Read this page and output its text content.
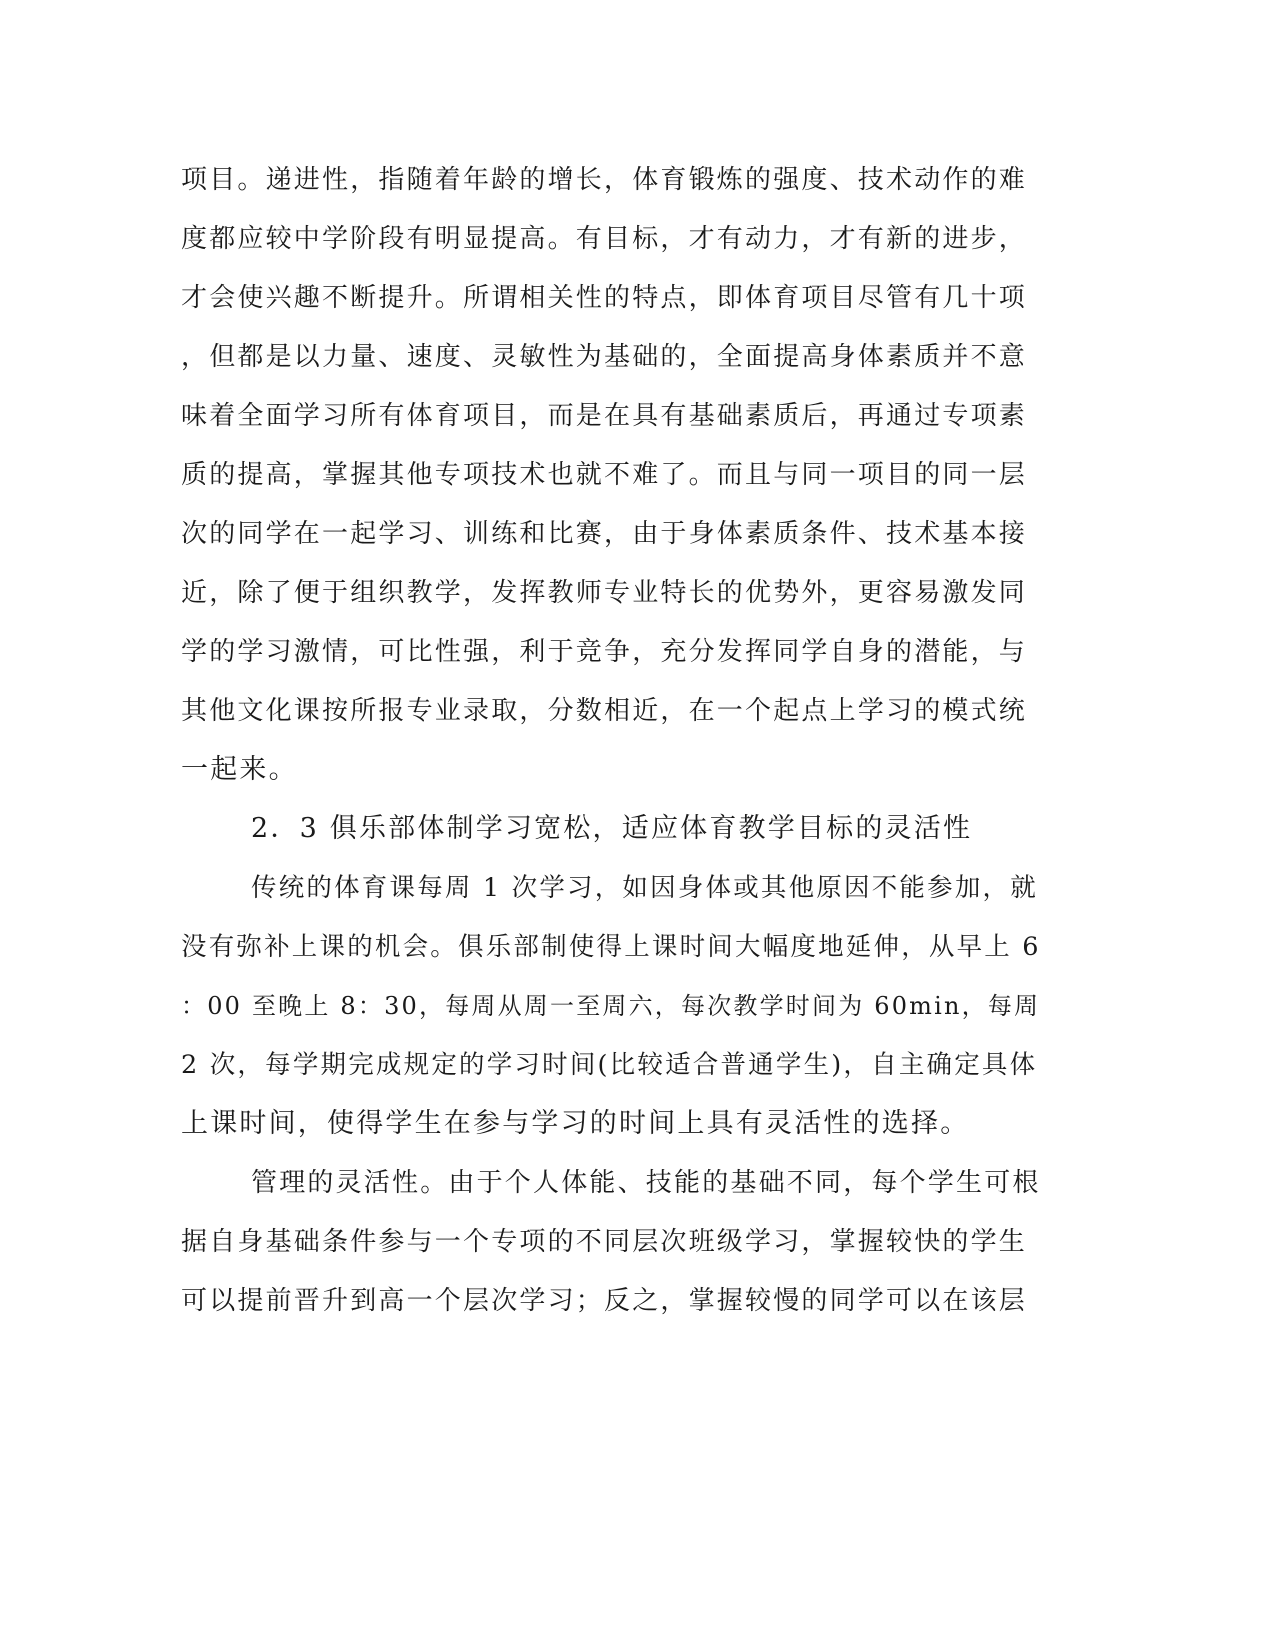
项目。递进性，指随着年龄的增长，体育锻炼的强度、技术动作的难
度都应较中学阶段有明显提高。有目标，才有动力，才有新的进步，
才会使兴趣不断提升。所谓相关性的特点，即体育项目尽管有几十项
，但都是以力量、速度、灵敏性为基础的，全面提高身体素质并不意
味着全面学习所有体育项目，而是在具有基础素质后，再通过专项素
质的提高，掌握其他专项技术也就不难了。而且与同一项目的同一层
次的同学在一起学习、训练和比赛，由于身体素质条件、技术基本接
近，除了便于组织教学，发挥教师专业特长的优势外，更容易激发同
学的学习激情，可比性强，利于竞争，充分发挥同学自身的潜能，与
其他文化课按所报专业录取，分数相近，在一个起点上学习的模式统
一起来。
2．3 俱乐部体制学习宽松，适应体育教学目标的灵活性
传统的体育课每周 1 次学习，如因身体或其他原因不能参加，就
没有弥补上课的机会。俱乐部制使得上课时间大幅度地延伸，从早上 6
：00 至晚上 8：30，每周从周一至周六，每次教学时间为 60min，每周
2 次，每学期完成规定的学习时间(比较适合普通学生)，自主确定具体
上课时间，使得学生在参与学习的时间上具有灵活性的选择。
管理的灵活性。由于个人体能、技能的基础不同，每个学生可根
据自身基础条件参与一个专项的不同层次班级学习，掌握较快的学生
可以提前晋升到高一个层次学习；反之，掌握较慢的同学可以在该层
